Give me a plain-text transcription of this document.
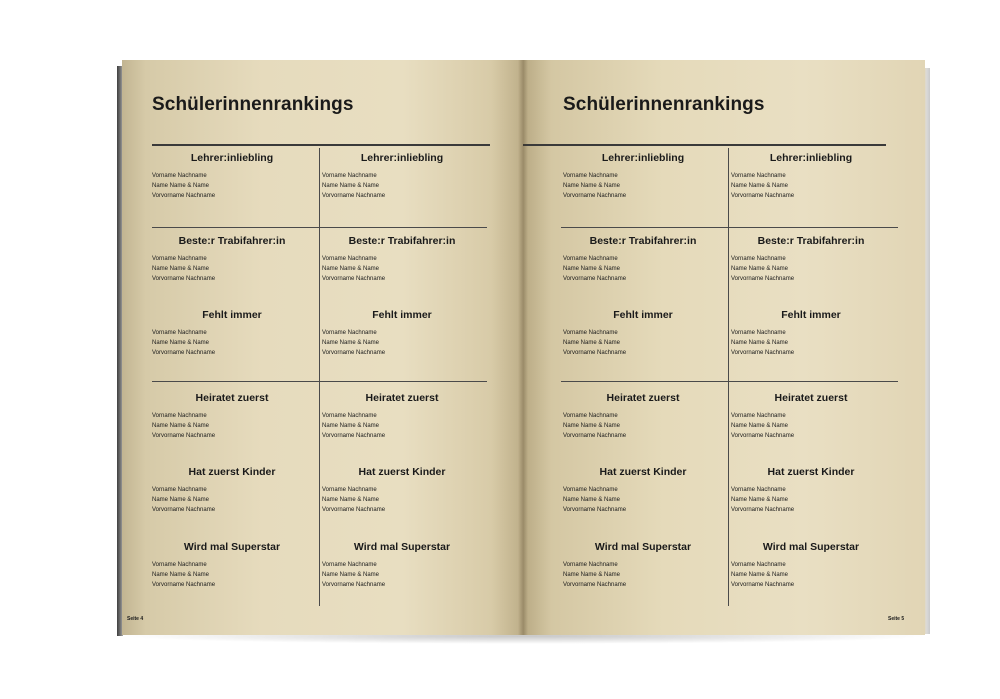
Schülerinnenrankings
Lehrer:inliebling
Vorname Nachname
Name Name & Name
Vorvorname Nachname
Beste:r Trabifahrer:in
Vorname Nachname
Name Name & Name
Vorvorname Nachname
Fehlt immer
Vorname Nachname
Name Name & Name
Vorvorname Nachname
Heiratet zuerst
Vorname Nachname
Name Name & Name
Vorvorname Nachname
Hat zuerst Kinder
Vorname Nachname
Name Name & Name
Vorvorname Nachname
Wird mal Superstar
Vorname Nachname
Name Name & Name
Vorvorname Nachname
Lehrer:inliebling
Vorname Nachname
Name Name & Name
Vorvorname Nachname
Beste:r Trabifahrer:in
Vorname Nachname
Name Name & Name
Vorvorname Nachname
Fehlt immer
Vorname Nachname
Name Name & Name
Vorvorname Nachname
Heiratet zuerst
Vorname Nachname
Name Name & Name
Vorvorname Nachname
Hat zuerst Kinder
Vorname Nachname
Name Name & Name
Vorvorname Nachname
Wird mal Superstar
Vorname Nachname
Name Name & Name
Vorvorname Nachname
Seite 4
Schülerinnenrankings
Lehrer:inliebling
Vorname Nachname
Name Name & Name
Vorvorname Nachname
Beste:r Trabifahrer:in
Vorname Nachname
Name Name & Name
Vorvorname Nachname
Fehlt immer
Vorname Nachname
Name Name & Name
Vorvorname Nachname
Heiratet zuerst
Vorname Nachname
Name Name & Name
Vorvorname Nachname
Hat zuerst Kinder
Vorname Nachname
Name Name & Name
Vorvorname Nachname
Wird mal Superstar
Vorname Nachname
Name Name & Name
Vorvorname Nachname
Lehrer:inliebling
Vorname Nachname
Name Name & Name
Vorvorname Nachname
Beste:r Trabifahrer:in
Vorname Nachname
Name Name & Name
Vorvorname Nachname
Fehlt immer
Vorname Nachname
Name Name & Name
Vorvorname Nachname
Heiratet zuerst
Vorname Nachname
Name Name & Name
Vorvorname Nachname
Hat zuerst Kinder
Vorname Nachname
Name Name & Name
Vorvorname Nachname
Wird mal Superstar
Vorname Nachname
Name Name & Name
Vorvorname Nachname
Seite 5
